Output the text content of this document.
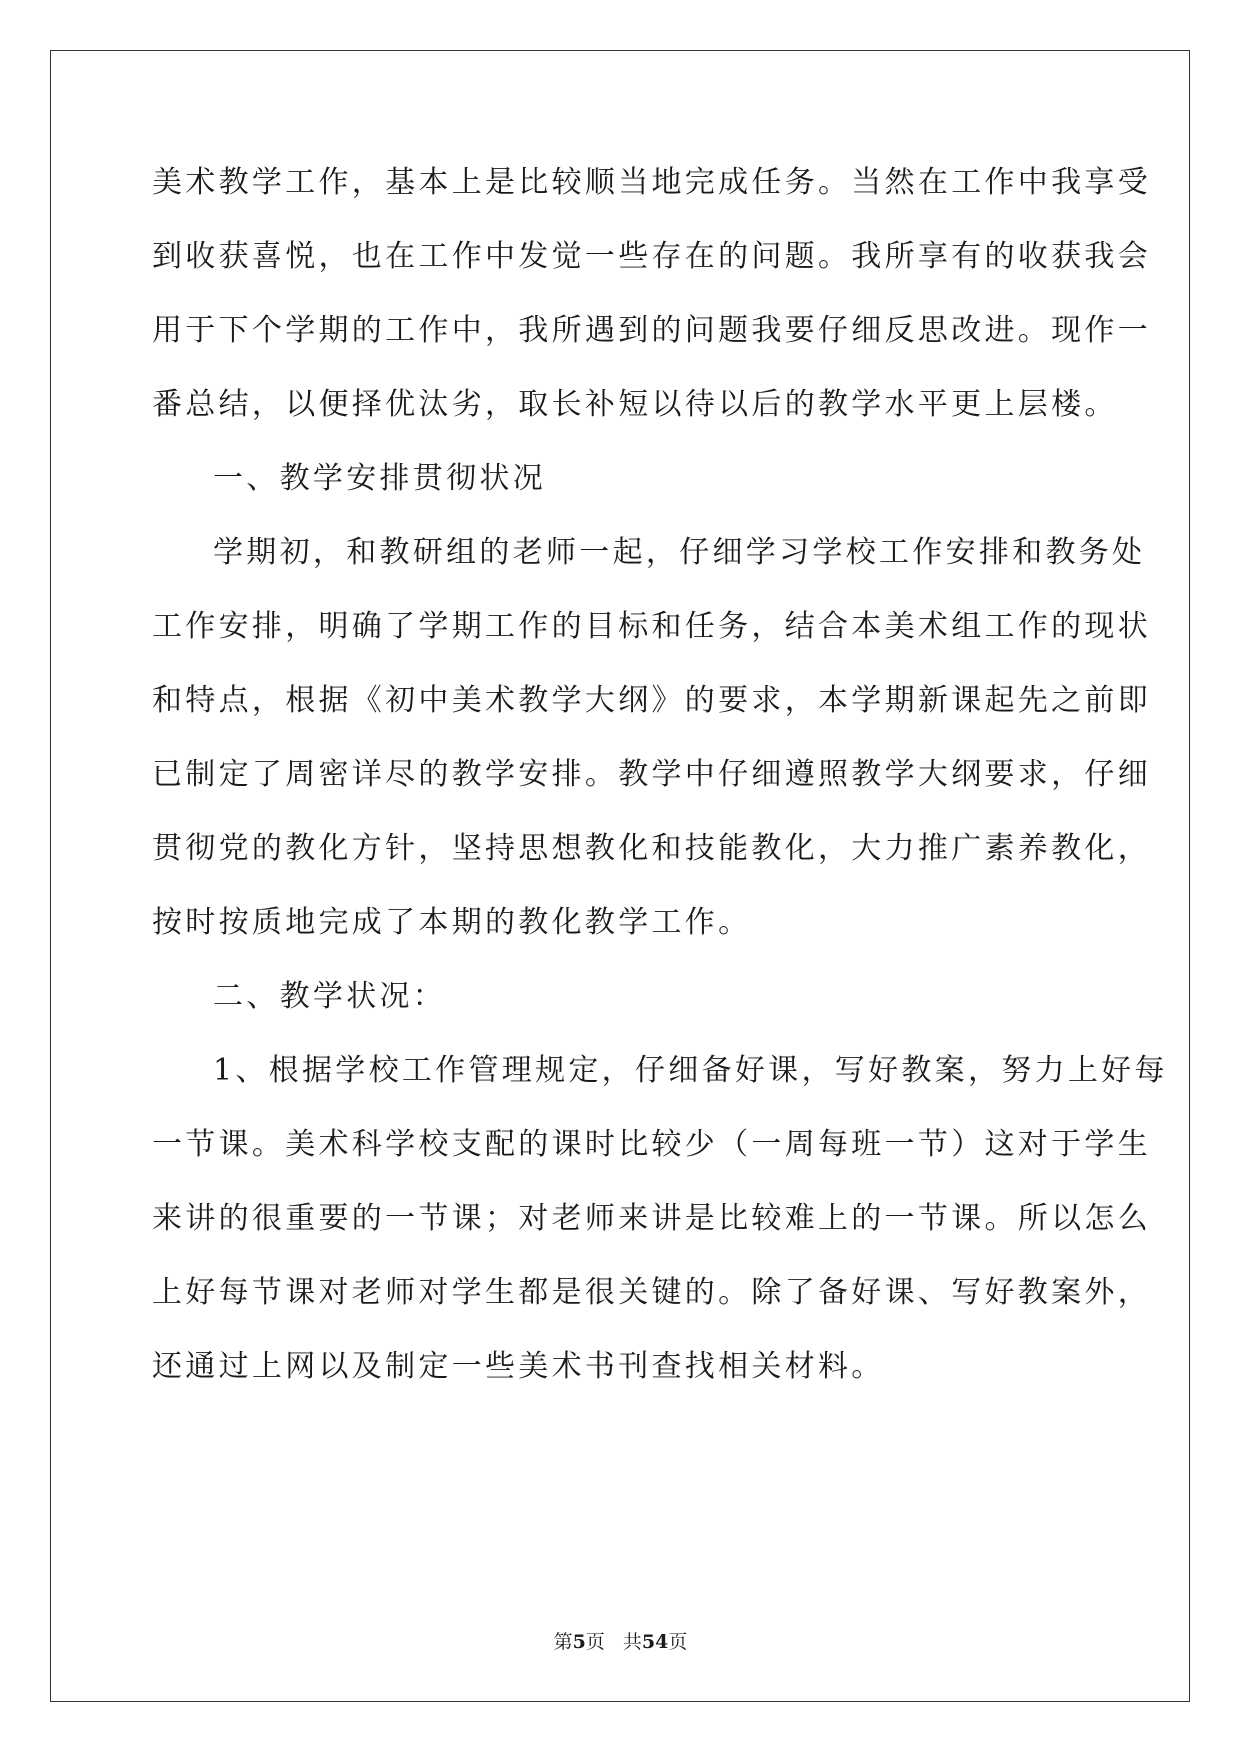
美术教学工作，基本上是比较顺当地完成任务。当然在工作中我享受
到收获喜悦，也在工作中发觉一些存在的问题。我所享有的收获我会
用于下个学期的工作中，我所遇到的问题我要仔细反思改进。现作一
番总结，以便择优汰劣，取长补短以待以后的教学水平更上层楼。
一、教学安排贯彻状况
学期初，和教研组的老师一起，仔细学习学校工作安排和教务处
工作安排，明确了学期工作的目标和任务，结合本美术组工作的现状
和特点，根据《初中美术教学大纲》的要求，本学期新课起先之前即
已制定了周密详尽的教学安排。教学中仔细遵照教学大纲要求，仔细
贯彻党的教化方针，坚持思想教化和技能教化，大力推广素养教化，
按时按质地完成了本期的教化教学工作。
二、教学状况：
1、根据学校工作管理规定，仔细备好课，写好教案，努力上好每
一节课。美术科学校支配的课时比较少（一周每班一节）这对于学生
来讲的很重要的一节课；对老师来讲是比较难上的一节课。所以怎么
上好每节课对老师对学生都是很关键的。除了备好课、写好教案外，
还通过上网以及制定一些美术书刊查找相关材料。
第5页 共54页
